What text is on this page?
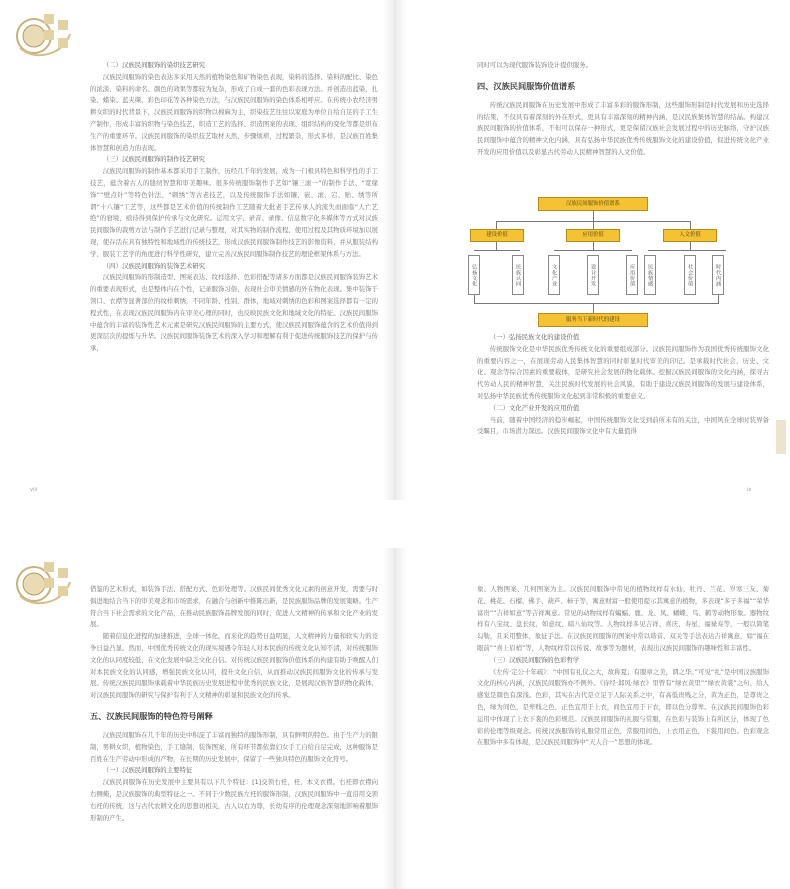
（二）汉族民间服饰的染织技艺研究

汉族民间服饰的染色表达多采用天然的植物染色和矿物染色表现，染料的选择、染料的配比、染色的浓淡、染料的命名、颜色的效果等都较为复杂，形成了自成一套的色彩表现方法。并创造出蓝染、扎染、蜡染、蓝夹缬、彩色印花等各种染色方法，与汉族民间服饰的染色体系相呼应。在传统小农经济男耕女织的时代背景下，汉族民间服饰的织物以棉麻为主，织染技艺往往以家庭为单位自给自足的手工生产制作，形成丰富的织物与染色技艺，织造工艺的选择、织造图案的表现、组织结构的变化等都是织布生产的重要环节。汉族民间服饰的染织技艺取材天然，步骤烦琐，过程繁杂，形式多样，是汉族百姓集体智慧和创造力的表现。

（三）汉族民间服饰的制作技艺研究

汉族民间服饰的制作基本都采用手工制作，历经几千年的发展，成为一门极具特色和科学性的手工技艺，蕴含着古人的缝纫智慧和审美趣味。很多传统服饰制作手艺如“镶三滚一”的制作手法、“宽缘饰”“壁点针”等特色针法、“刺绣”等古老技艺，以及传统服饰手法如镶、嵌、滚、宕、贴、绣等所谓“十八镶”工艺等，这些都是艺术价值的传统制作工艺随着大批老手艺传承人的流失而面临“人亡艺绝”的窘境，亟待得到保护传承与文化研究。运用文字、录音、录像、信息数字化多媒体等方式对汉族民间服饰的裁剪方法与制作手艺进行记录与整理，对其实物的制作流程、使用过程及其物质环境加以展现，使存活在具有独特性和地域性的传统技艺，形成汉族民间服饰制作技艺的影像资料，并从服装结构学、服装工艺学的角度进行科学性研究，建立完善汉族民间服饰制作技艺的理论框架体系与方法。

（四）汉族民间服饰的装饰艺术研究

汉族民间服饰的形制造型、图案表达、纹样选择、色彩搭配等诸多方面都是汉族民间服饰装饰艺术的重要表现形式，也是整体内在个性，记录服饰习俗、表现社会审美情感的外在物化表现。集中装饰于领口、衣襟等显著部位的纹样刺绣，不同年龄、性别、群体，地域对刺绣的色彩和图案选择都有一定的程式性，在表现汉族民间服饰内在审美心理的同时，也反映民族文化和地域文化的特征。汉族民间服饰中蕴含的丰富的装饰性艺术元素是研究汉族民间服饰的主要方式，使汉族民间服饰蕴含的艺术价值得到更深层次的提炼与升华。汉族民间服饰装饰艺术的深入学习和理解有利于促进传统服饰技艺的保护与传承，

viii

同时可以为现代服饰装饰设计提供服务。

四、汉族民间服饰价值谱系

传统汉族民间服饰在历史发展中形成了丰富多彩的服饰形制，这些服饰形制是时代发展和历史选择的结果，不仅具有着深刻的外在形式，更具有丰富深刻的精神内涵，是汉民族集体智慧的结晶。构建汉族民间服饰的价值体系，不但可以保存一种形式，更是保留汉族社会发展过程中的历史脉络，守护汉族民间服饰中蕴含的精神文化内涵，具有弘扬中华民族优秀传统服饰文化的建设价值，促进传统文化产业开发的应用价值以及彰显古代劳动人民精神智慧的人文价值。

（一）弘扬民族文化的建设价值

传统服饰文化是中华民族优秀传统文化的重要组成部分。汉族民间服饰作为我国优秀传统服饰文化的重要内容之一，在展现劳动人民集体智慧的同时彰显时代审美的印记。是承载时代社会、历史、文化、观念等综合因素的重要载体，是研究社会发展的物化载体。挖掘汉族民间服饰的文化内涵，探寻古代劳动人民的精神智慧，关注民族时代发展的社会风貌，有助于建设汉族民间服饰的发展与建设体系，对弘扬中华民族优秀传统服饰文化起到非常积极的重要意义。

（二）文化产业开发的应用价值

当前，随着中国经济的稳步崛起，中国传统服饰文化受到前所未有的关注，中国风在全球时装界备受瞩目，市场潜力深远。汉族民间服饰文化中有大量值得

ix
汉族民间服饰价值谱系
建设价值	应用价值	人文价值
弘扬文化	民族认同	文化产业	设计开发	应用价值	民族情感	社会价值	时代内涵
服务当下新时代的建设

借鉴的艺术形式，如装饰手法、搭配方式、色彩处理等。汉族民间优秀文化元素的创意开发，需要与时俱进地结合当下的审美观念和市场需求，在融合与创新中推陈出新，是民族服饰品牌的发展策略。生产符合当下社会需求的文化产品，在推动民族服饰品牌发展的同时，促进人文精神的传承和文化产业的发展。

随着信息化进程的加速推进，全球一体化，而来化的趋势日益明显，人文精神的力量和软实力的竞争日益凸显。然而，中国优秀传统文化的现实境遇令年轻人对本民族的传统文化认知不清，对传统服饰文化的认同度较低，在文化发展中缺乏文化自信。对传统汉族民间服饰价值体系的构建有助于唤醒人们对本民族文化的认同感，增强民族文化认同，提升文化自信，从而推动汉族民间服饰文化的传承与发展。传统汉族民间服饰承载着中华民族历史发展进程中优秀的民族文化，是展现汉族智慧的物化载体，对汉族民间服饰的研究与保护有利于人文精神的彰显和民族文化的传承。

五、汉族民间服饰的特色符号阐释

汉族民间服饰在几千年的历史中积淀了丰富而独特的服饰形制，具有鲜明的特色。由于生产力的限制，男耕女织，植物染色，手工缝制，装饰图案，所有环节都依靠妇女手工自给自足完成，这种服饰是百姓在生产劳动中形成的产物，在长期的历史发展中，保留了一些独具特色的服饰文化符号。

（一）汉族民间服饰的主要特征

汉族民间服饰在历史发展中主要具有以下几个特征：[1]交领右衽，衽，本义衣襟。右衽即衣襟向右侧掩，是汉族服饰的典型特征之一。不同于少数民族左衽的服饰形制，汉族民间服饰中一直沿用交领右衽的传统，这与古代农耕文化的思想切相关，古人以右为尊，长幼有序的伦理观念深刻地影响着服饰形制的产生。

象、人物图案、几何图案为主。汉族民间服饰中常见的植物纹样有水仙、牡丹、兰花、岁寒三友、菊花、桃花、石榴、佛手、葫芦、柿子等，寓意财富一般使用提示其寓意的植物，多表现“多子多福”“荣华富贵”“吉祥如意”等吉祥寓意。常见的动物纹样有蝙蝠、鹿、龙、凤、蝴蝶、鸟、鹤等动物形象。器物纹样有八宝纹、盘长纹、如意纹、暗八仙纹等。人物纹样多见吉祥、喜庆、寿星、福禄寿等，一般以简笔勾勒，且采用整体、象征手法。在汉族民间服饰的图案中常以谐音、双关等手法表达吉祥寓意，如“福在眼前”“喜上眉梢”等，人物纹样常以传说、故事等为题材，表现出汉族民间服饰的趣味性和丰富性。

（三）汉族民间服饰的色彩哲学

《左传·定公十年疏》：“中国有礼仪之大，故称夏；有服章之美，谓之华。”可见“礼”是中国汉族服饰文化的核心内涵，汉族民间服饰亦不例外。《诗经·邶风·绿衣》里曾有“绿衣黄里”“绿衣黄裳”之句，给人感觉是颜色有深浅。色彩，其实在古代是立足于人际关系之中，有高低贵贱之分，黄为正色，是尊贵之色，绿为间色，是卑贱之色，正色宜用于上衣，间色宜用于下衣，即以色分尊卑。在汉族民间服饰色彩运用中体现了上衣下裳的色彩规范。汉族民间服饰的礼服与常服，在色彩与装饰上有所区分，体现了色彩的伦理等级观念。传统汉族服饰的礼服常用正色，常服用间色，上衣用正色，下裳用间色。色彩观念在服饰中多有体现，是汉族民间服饰中“天人合一”思想的体现。
